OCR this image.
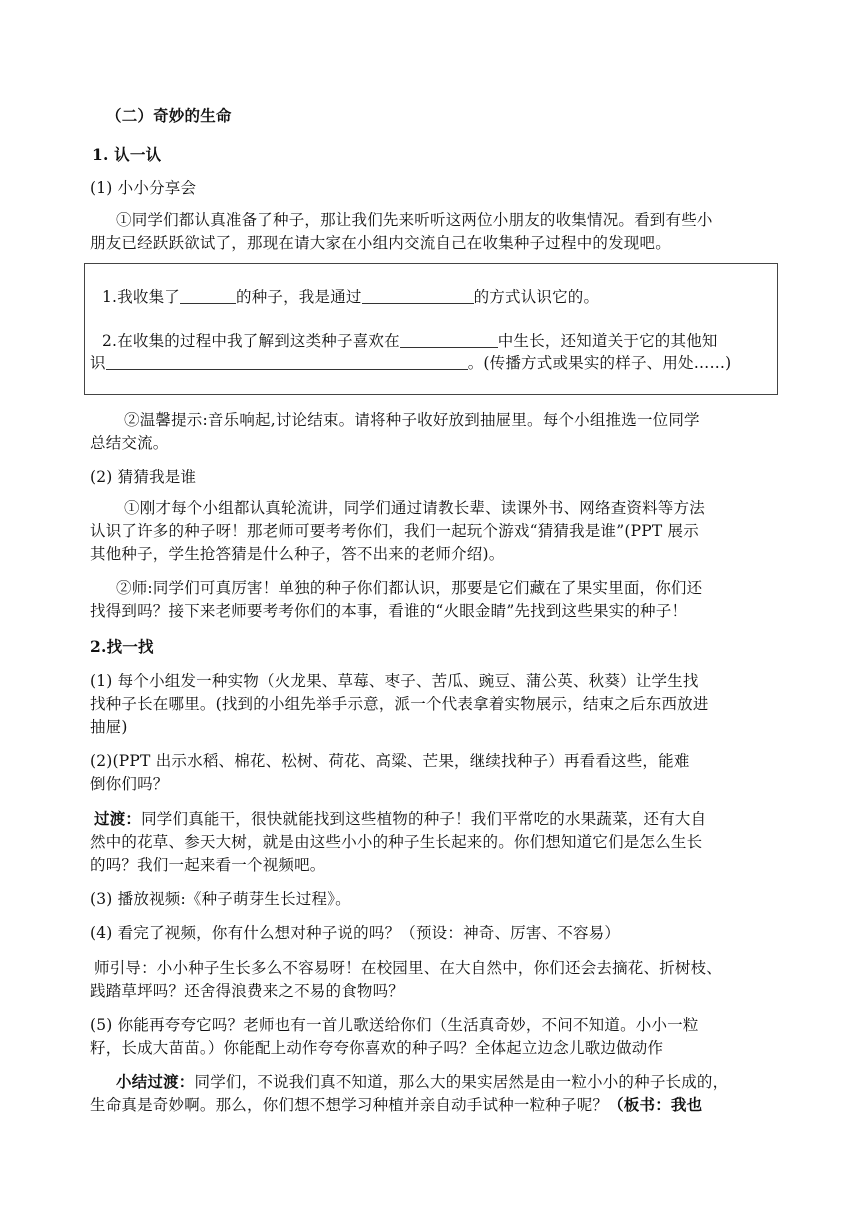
（二）奇妙的生命
1. 认一认
(1) 小小分享会
①同学们都认真准备了种子，那让我们先来听听这两位小朋友的收集情况。看到有些小
朋友已经跃跃欲试了，那现在请大家在小组内交流自己在收集种子过程中的发现吧。
1.我收集了	的种子，我是通过	的方式认识它的。
2.在收集的过程中我了解到这类种子喜欢在	中生长，还知道关于它的其他知
识	。(传播方式或果实的样子、用处……)
②温馨提示:音乐响起,讨论结束。请将种子收好放到抽屉里。每个小组推选一位同学
总结交流。
(2) 猜猜我是谁
①刚才每个小组都认真轮流讲，同学们通过请教长辈、读课外书、网络查资料等方法
认识了许多的种子呀！那老师可要考考你们，我们一起玩个游戏“猜猜我是谁”(PPT 展示
其他种子，学生抢答猜是什么种子，答不出来的老师介绍)。
②师:同学们可真厉害！单独的种子你们都认识，那要是它们藏在了果实里面，你们还
找得到吗？接下来老师要考考你们的本事，看谁的“火眼金睛”先找到这些果实的种子！
2.找一找
(1) 每个小组发一种实物（火龙果、草莓、枣子、苦瓜、豌豆、蒲公英、秋葵）让学生找
找种子长在哪里。(找到的小组先举手示意，派一个代表拿着实物展示，结束之后东西放进
抽屉)
(2)(PPT 出示水稻、棉花、松树、荷花、高粱、芒果，继续找种子）再看看这些，能难
倒你们吗？
过渡：同学们真能干，很快就能找到这些植物的种子！我们平常吃的水果蔬菜，还有大自
然中的花草、参天大树，就是由这些小小的种子生长起来的。你们想知道它们是怎么生长
的吗？我们一起来看一个视频吧。
(3) 播放视频:《种子萌芽生长过程》。
(4) 看完了视频，你有什么想对种子说的吗？（预设：神奇、厉害、不容易）
师引导：小小种子生长多么不容易呀！在校园里、在大自然中，你们还会去摘花、折树枝、
践踏草坪吗？还舍得浪费来之不易的食物吗？
(5) 你能再夸夸它吗？老师也有一首儿歌送给你们（生活真奇妙，不问不知道。小小一粒
籽，长成大苗苗。）你能配上动作夸夸你喜欢的种子吗？全体起立边念儿歌边做动作
小结过渡：同学们，不说我们真不知道，那么大的果实居然是由一粒小小的种子长成的，
生命真是奇妙啊。那么，你们想不想学习种植并亲自动手试种一粒种子呢？（板书：我也
